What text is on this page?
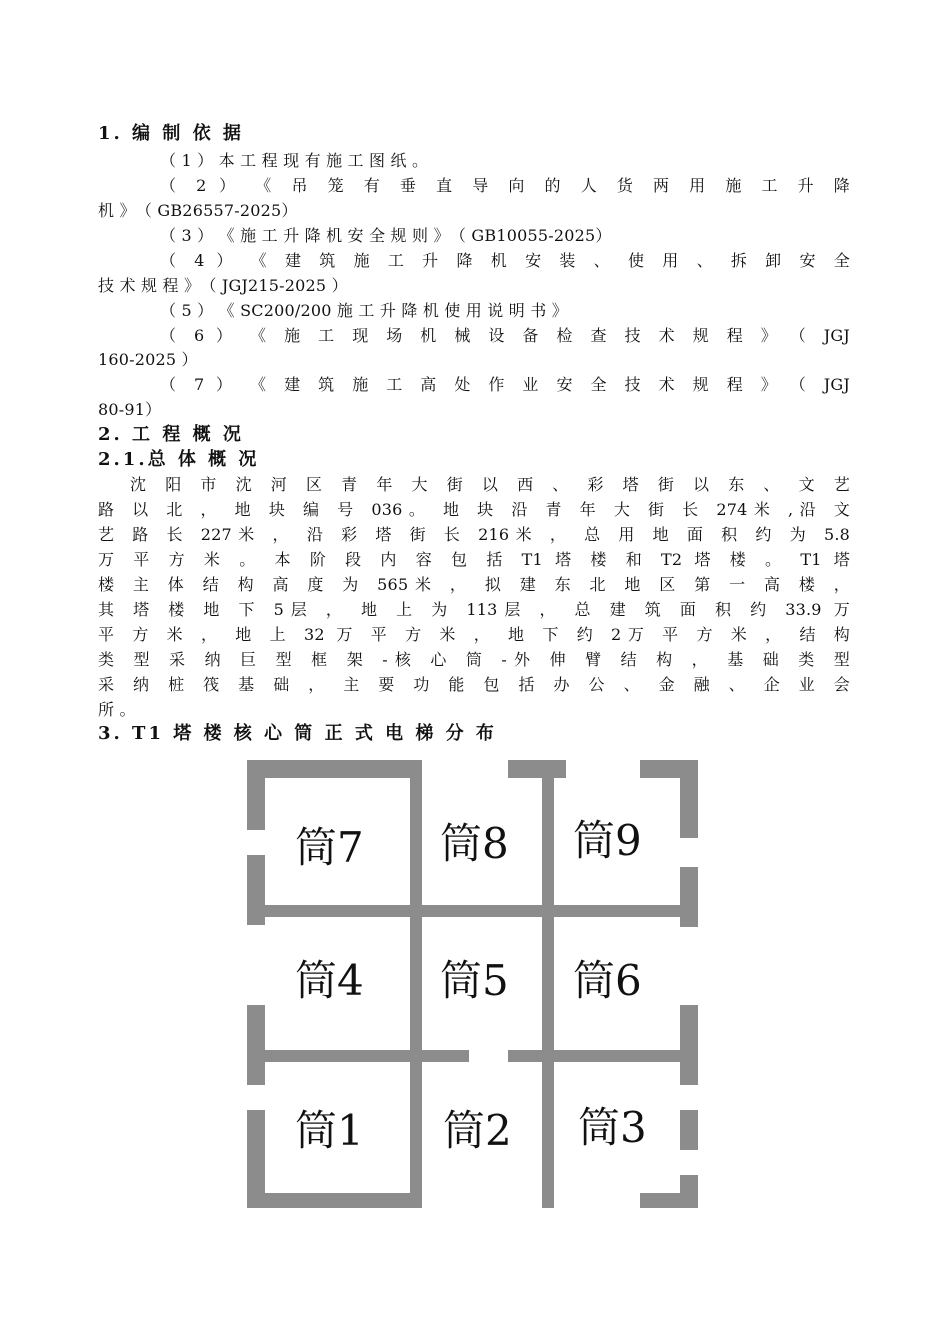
1. 编 制 依 据
（ 1 ） 本 工 程 现 有 施 工 图 纸 。
（ 2 ） 《 吊 笼 有 垂 直 导 向 的 人 货 两 用 施 工 升 降
机 》　（ GB26557-2025）
（ 3 ） 《 施 工 升 降 机 安 全 规 则 》　（ GB10055-2025）
（ 4 ） 《 建 筑 施 工 升 降 机 安 装 、 使 用 、 拆 卸 安 全
技 术 规 程 》　（ JGJ215-2025 ）
（ 5 ） 《 SC200/200 施 工 升 降 机 使 用 说 明 书 》
（ 6 ） 《 施 工 现 场 机 械 设 备 检 查 技 术 规 程 》　（ JGJ
160-2025 ）
（ 7 ） 《 建 筑 施 工 高 处 作 业 安 全 技 术 规 程 》　（ JGJ
80-91）
2. 工 程 概 况
2.1.总 体 概 况
沈 阳 市 沈 河 区 青 年 大 街 以 西 、 彩 塔 街 以 东 、 文 艺
路 以 北 ， 地 块 编 号 036。 地 块 沿 青 年 大 街 长 274米 ,沿 文
艺 路 长 227米 ， 沿 彩 塔 街 长 216米 ， 总 用 地 面 积 约 为 5.8
万 平 方 米 。 本 阶 段 内 容 包 括 T1 塔 楼 和 T2 塔 楼 。 T1 塔
楼 主 体 结 构 高 度 为 565米 ， 拟 建 东 北 地 区 第 一 高 楼 ，
其 塔 楼 地 下 5层 ， 地 上 为 113层 ， 总 建 筑 面 积 约 33.9 万
平 方 米 ， 地 上 32 万 平 方 米 ， 地 下 约 2万 平 方 米 ， 结 构
类 型 采 纳 巨 型 框 架 -核 心 筒 -外 伸 臂 结 构 ， 基 础 类 型
采 纳 桩 筏 基 础 ， 主 要 功 能 包 括 办 公 、 金 融 、 企 业 会
所 。
3. T1 塔 楼 核 心 筒 正 式 电 梯 分 布
筒7 筒8 筒9
筒4 筒5 筒6
筒1 筒2 筒3
